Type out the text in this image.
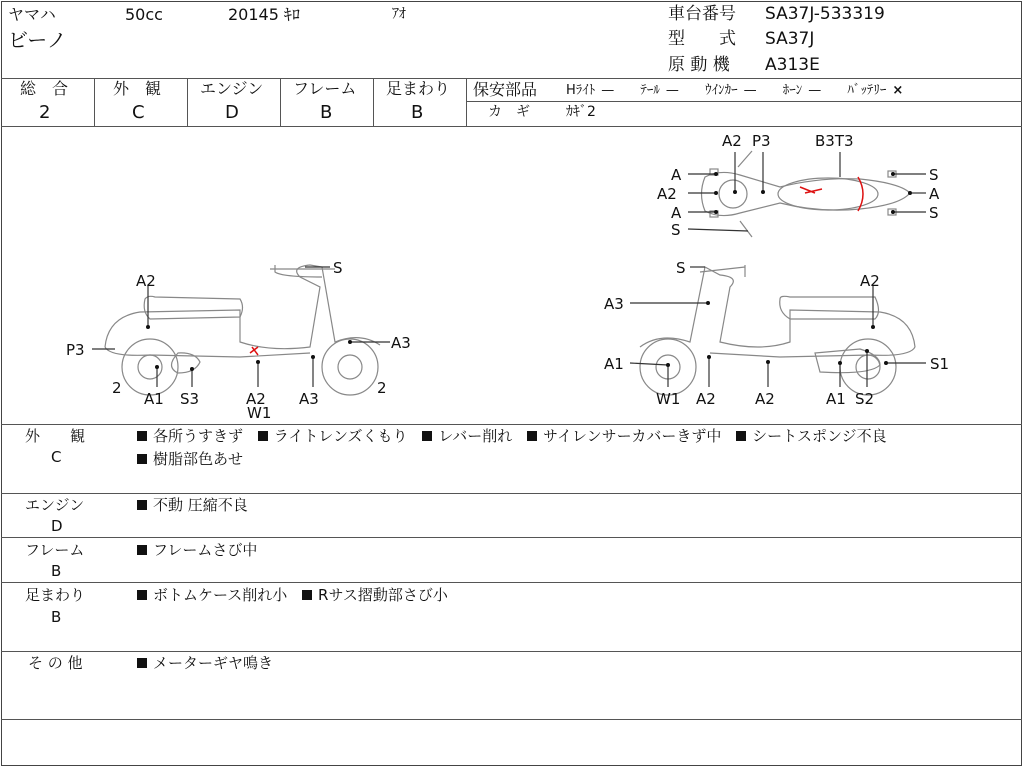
ヤマハ	50cc	20145 ｷﾛ	ｱｵ
ビーノ
車台番号 SA37J-533319
型　　式 SA37J
原 動 機 A313E
総　合
2
外　観
C
エンジン
D
フレーム
B
足まわり
B
保安部品 Hﾗｲﾄ — ﾃｰﾙ — ｳｲﾝｶｰ — ﾎｰﾝ — ﾊﾞｯﾃﾘｰ ×
カ　ギ	ｶｷﾞ2
A2 P3	B3T3
A
A2
A
S
S
A
S
S
A2
P3	A3
2
A1 S3	A2
W1
A3
2
S
A2
A3
A1
W1 A2	A2	A1 S2
S1
外　　観
C
各所うすきず ライトレンズくもり レバー削れ サイレンサーカバーきず中 シートスポンジ不良
樹脂部色あせ
エンジン
D
不動 圧縮不良
フレーム
B
フレームさび中
足まわり
B
ボトムケース削れ小 Rサス摺動部さび小
そ の 他	メーターギヤ鳴き
